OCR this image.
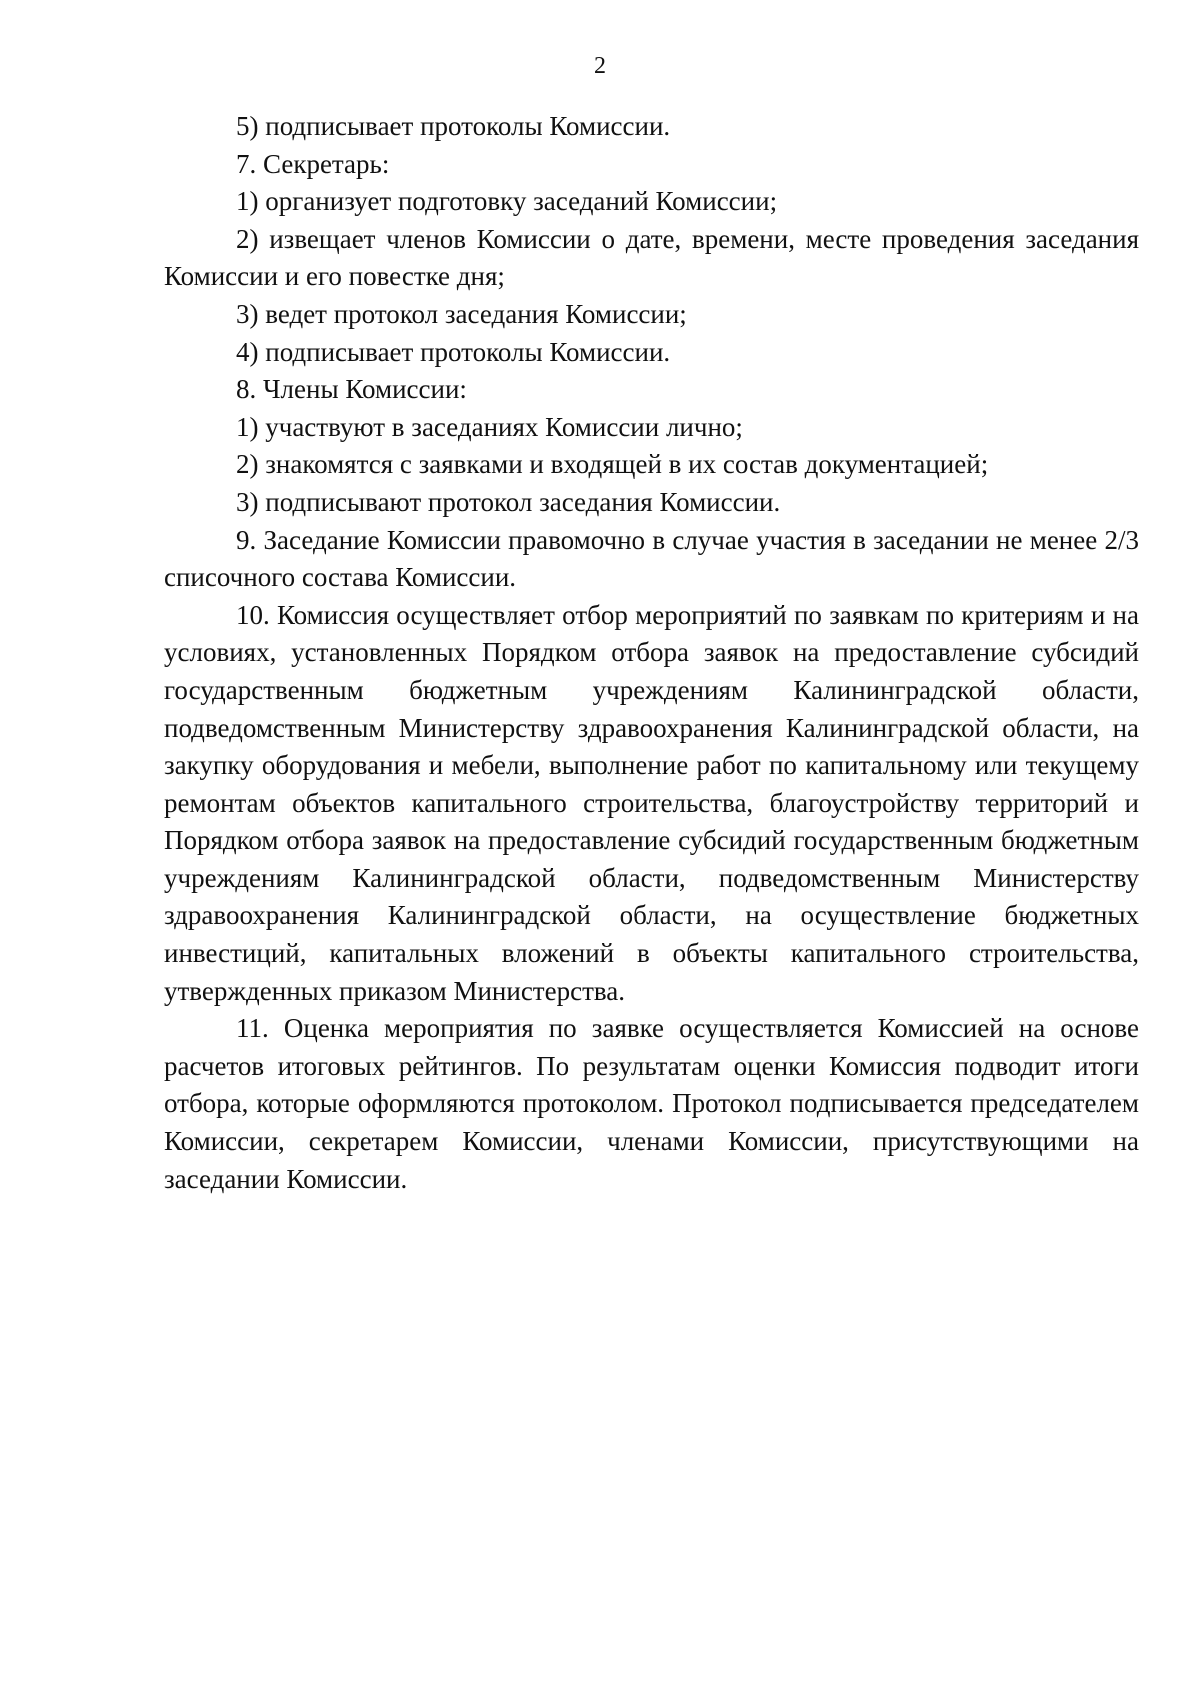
2

5) подписывает протоколы Комиссии.

7. Секретарь:

1) организует подготовку заседаний Комиссии;

2) извещает членов Комиссии о дате, времени, месте проведения заседания Комиссии и его повестке дня;

3) ведет протокол заседания Комиссии;

4) подписывает протоколы Комиссии.

8. Члены Комиссии:

1) участвуют в заседаниях Комиссии лично;

2) знакомятся с заявками и входящей в их состав документацией;

3) подписывают протокол заседания Комиссии.

9. Заседание Комиссии правомочно в случае участия в заседании не менее 2/3 списочного состава Комиссии.

10. Комиссия осуществляет отбор мероприятий по заявкам по критериям и на условиях, установленных Порядком отбора заявок на предоставление субсидий государственным бюджетным учреждениям Калининградской области, подведомственным Министерству здравоохранения Калининградской области, на закупку оборудования и мебели, выполнение работ по капитальному или текущему ремонтам объектов капитального строительства, благоустройству территорий и Порядком отбора заявок на предоставление субсидий государственным бюджетным учреждениям Калининградской области, подведомственным Министерству здравоохранения Калининградской области, на осуществление бюджетных инвестиций, капитальных вложений в объекты капитального строительства, утвержденных приказом Министерства.

11. Оценка мероприятия по заявке осуществляется Комиссией на основе расчетов итоговых рейтингов. По результатам оценки Комиссия подводит итоги отбора, которые оформляются протоколом. Протокол подписывается председателем Комиссии, секретарем Комиссии, членами Комиссии, присутствующими на заседании Комиссии.
